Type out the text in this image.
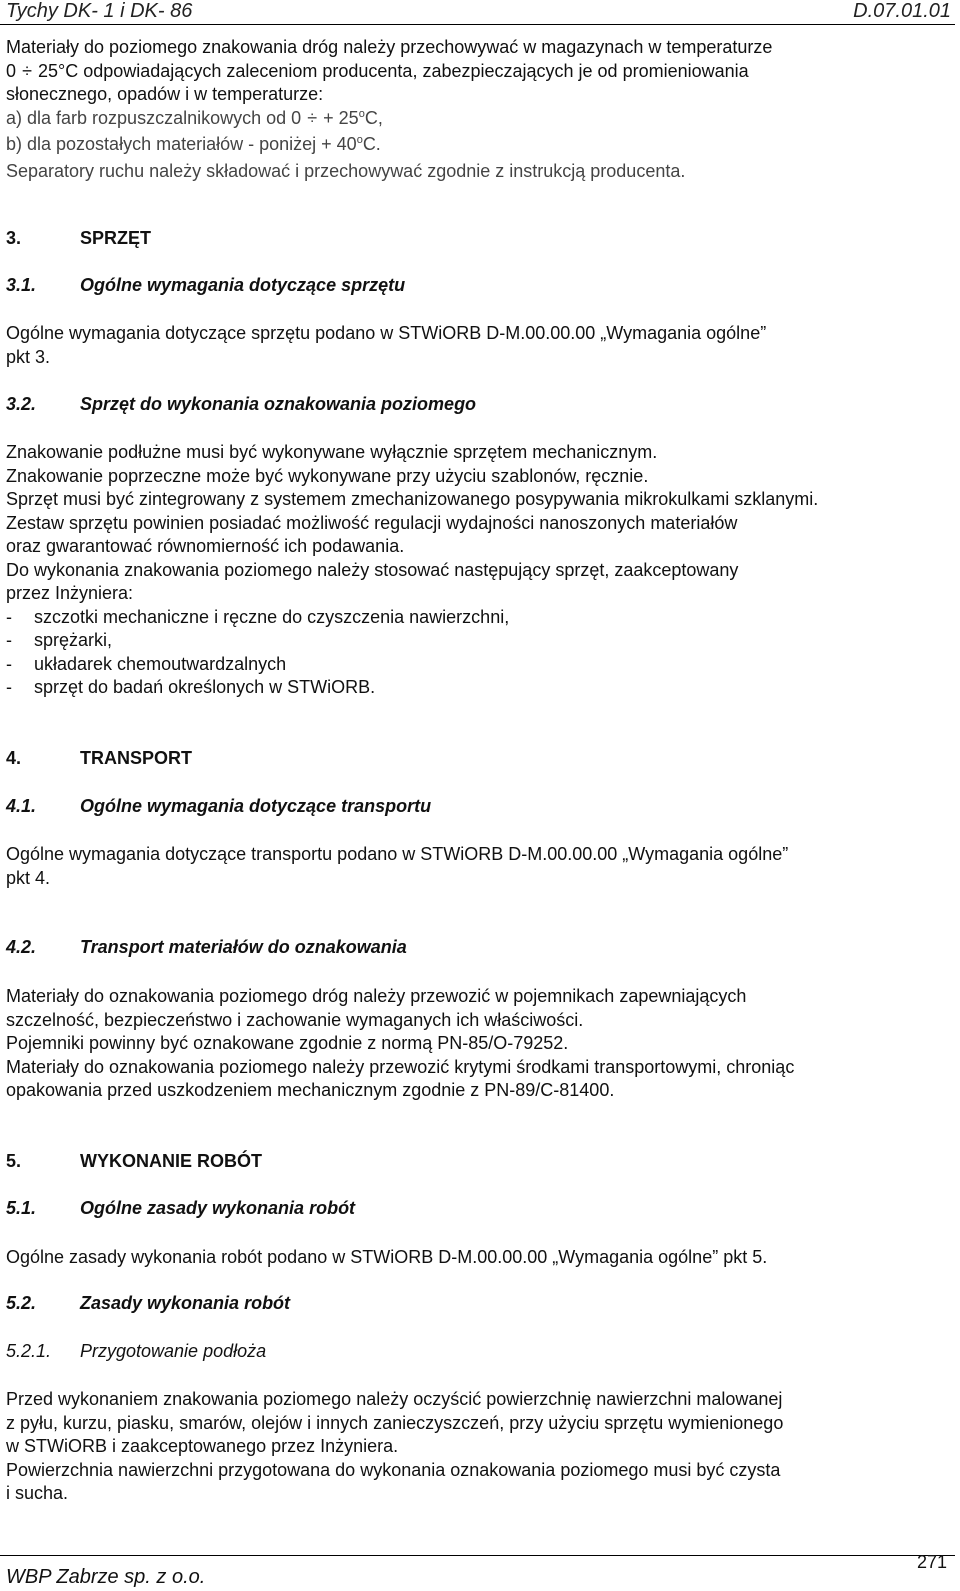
Tychy DK- 1 i DK- 86	D.07.01.01

Materiały do poziomego znakowania dróg należy przechowywać w magazynach w temperaturze

0 ÷ 25°C odpowiadających zaleceniom producenta, zabezpieczających je od promieniowania

słonecznego, opadów i w temperaturze:

a) dla farb rozpuszczalnikowych od 0 ÷ + $25^oC$,

b) dla pozostałych materiałów - poniżej + $40^oC$.

Separatory ruchu należy składować i przechowywać zgodnie z instrukcją producenta.

3.	SPRZĘT
3.1. Ogólne wymagania dotyczące sprzętu

Ogólne wymagania dotyczące sprzętu podano w STWiORB D-M.00.00.00 „Wymagania ogólne”

pkt 3.

3.2. Sprzęt do wykonania oznakowania poziomego

Znakowanie podłużne musi być wykonywane wyłącznie sprzętem mechanicznym.

Znakowanie poprzeczne może być wykonywane przy użyciu szablonów, ręcznie.

Sprzęt musi być zintegrowany z systemem zmechanizowanego posypywania mikrokulkami szklanymi.

Zestaw sprzętu powinien posiadać możliwość regulacji wydajności nanoszonych materiałów

oraz gwarantować równomierność ich podawania.

Do wykonania znakowania poziomego należy stosować następujący sprzęt, zaakceptowany

przez Inżyniera:

- szczotki mechaniczne i ręczne do czyszczenia nawierzchni,
- sprężarki,
- układarek chemoutwardzalnych
- sprzęt do badań określonych w STWiORB.
4.	TRANSPORT
4.1. Ogólne wymagania dotyczące transportu

Ogólne wymagania dotyczące transportu podano w STWiORB D-M.00.00.00 „Wymagania ogólne”

pkt 4.

4.2. Transport materiałów do oznakowania

Materiały do oznakowania poziomego dróg należy przewozić w pojemnikach zapewniających

szczelność, bezpieczeństwo i zachowanie wymaganych ich właściwości.

Pojemniki powinny być oznakowane zgodnie z normą PN-85/O-79252.

Materiały do oznakowania poziomego należy przewozić krytymi środkami transportowymi, chroniąc

opakowania przed uszkodzeniem mechanicznym zgodnie z PN-89/C-81400.

5.	WYKONANIE ROBÓT
5.1. Ogólne zasady wykonania robót

Ogólne zasady wykonania robót podano w STWiORB D-M.00.00.00 „Wymagania ogólne” pkt 5.

5.2. Zasady wykonania robót
5.2.1. Przygotowanie podłoża

Przed wykonaniem znakowania poziomego należy oczyścić powierzchnię nawierzchni malowanej

z pyłu, kurzu, piasku, smarów, olejów i innych zanieczyszczeń, przy użyciu sprzętu wymienionego

w STWiORB i zaakceptowanego przez Inżyniera.

Powierzchnia nawierzchni przygotowana do wykonania oznakowania poziomego musi być czysta

i sucha.

WBP Zabrze sp. z o.o.
271
